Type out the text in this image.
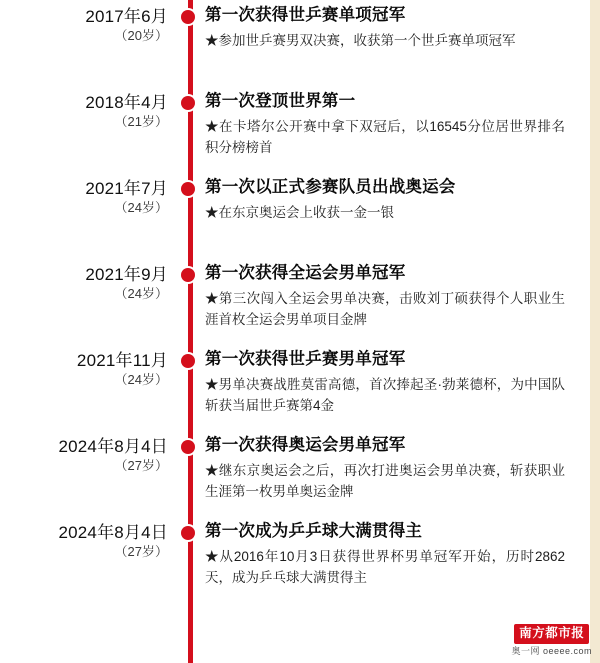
2017年6月
（20岁）
第一次获得世乒赛单项冠军
★参加世乒赛男双决赛，收获第一个世乒赛单项冠军
2018年4月
（21岁）
第一次登顶世界第一
★在卡塔尔公开赛中拿下双冠后，以16545分位居世界排名积分榜榜首
2021年7月
（24岁）
第一次以正式参赛队员出战奥运会
★在东京奥运会上收获一金一银
2021年9月
（24岁）
第一次获得全运会男单冠军
★第三次闯入全运会男单决赛，击败刘丁硕获得个人职业生涯首枚全运会男单项目金牌
2021年11月
（24岁）
第一次获得世乒赛男单冠军
★男单决赛战胜莫雷高德，首次捧起圣·勃莱德杯，为中国队斩获当届世乒赛第4金
2024年8月4日
（27岁）
第一次获得奥运会男单冠军
★继东京奥运会之后，再次打进奥运会男单决赛，斩获职业生涯第一枚男单奥运金牌
2024年8月4日
（27岁）
第一次成为乒乒球大满贯得主
★从2016年10月3日获得世界杯男单冠军开始，历时2862天，成为乒乓球大满贯得主
南方都市报
奥一网 oeeee.com
